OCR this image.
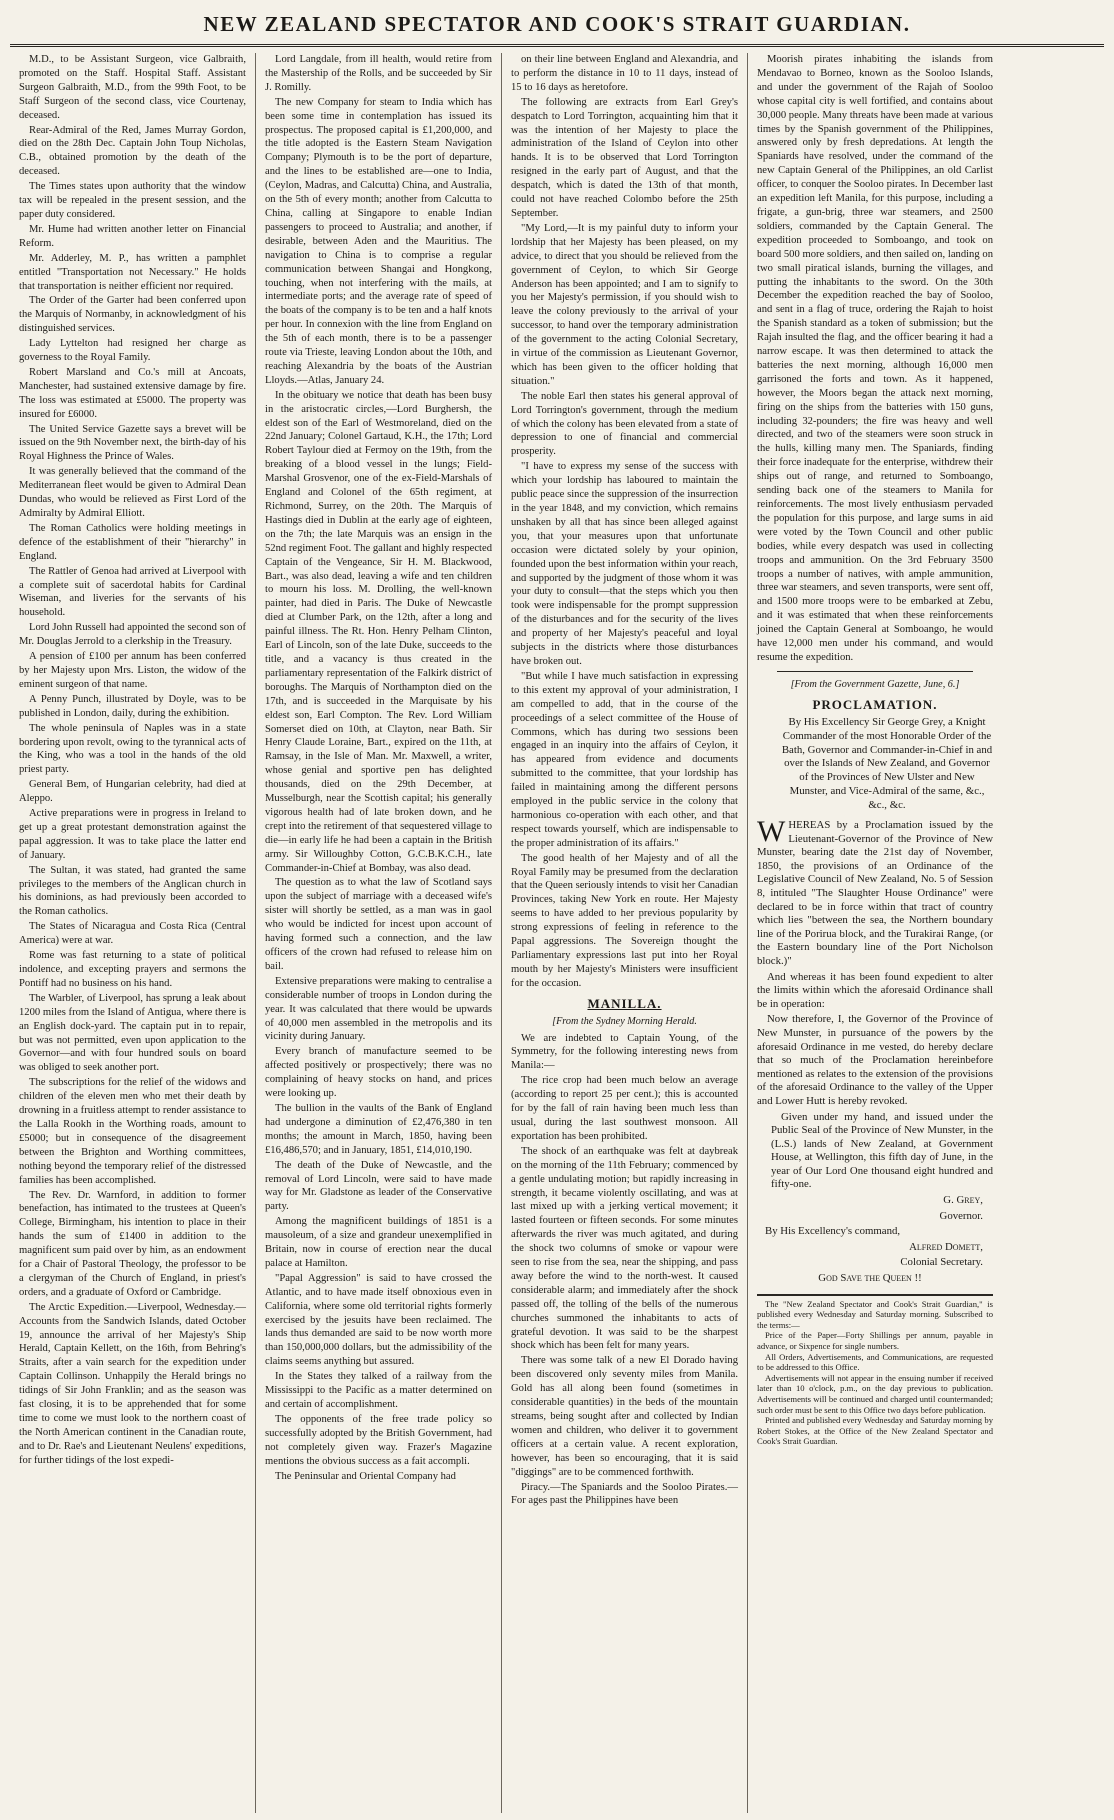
NEW ZEALAND SPECTATOR AND COOK'S STRAIT GUARDIAN.

M.D., to be Assistant Surgeon, vice Galbraith, promoted on the Staff. Hospital Staff. Assistant Surgeon Galbraith, M.D., from the 99th Foot, to be Staff Surgeon of the second class, vice Courtenay, deceased.

Rear-Admiral of the Red, James Murray Gordon, died on the 28th Dec. Captain John Toup Nicholas, C.B., obtained promotion by the death of the deceased.

The Times states upon authority that the window tax will be repealed in the present session, and the paper duty considered.

Mr. Hume had written another letter on Financial Reform.

Mr. Adderley, M. P., has written a pamphlet entitled "Transportation not Necessary." He holds that transportation is neither efficient nor required.

The Order of the Garter had been conferred upon the Marquis of Normanby, in acknowledgment of his distinguished services.

Lady Lyttelton had resigned her charge as governess to the Royal Family.

Robert Marsland and Co.'s mill at Ancoats, Manchester, had sustained extensive damage by fire. The loss was estimated at £5000. The property was insured for £6000.

The United Service Gazette says a brevet will be issued on the 9th November next, the birth-day of his Royal Highness the Prince of Wales.

It was generally believed that the command of the Mediterranean fleet would be given to Admiral Dean Dundas, who would be relieved as First Lord of the Admiralty by Admiral Elliott.

The Roman Catholics were holding meetings in defence of the establishment of their "hierarchy" in England.

The Rattler of Genoa had arrived at Liverpool with a complete suit of sacerdotal habits for Cardinal Wiseman, and liveries for the servants of his household.

Lord John Russell had appointed the second son of Mr. Douglas Jerrold to a clerkship in the Treasury.

A pension of £100 per annum has been conferred by her Majesty upon Mrs. Liston, the widow of the eminent surgeon of that name.

A Penny Punch, illustrated by Doyle, was to be published in London, daily, during the exhibition.

The whole peninsula of Naples was in a state bordering upon revolt, owing to the tyrannical acts of the King, who was a tool in the hands of the old priest party.

General Bem, of Hungarian celebrity, had died at Aleppo.

Active preparations were in progress in Ireland to get up a great protestant demonstration against the papal aggression. It was to take place the latter end of January.

The Sultan, it was stated, had granted the same privileges to the members of the Anglican church in his dominions, as had previously been accorded to the Roman catholics.

The States of Nicaragua and Costa Rica (Central America) were at war.

Rome was fast returning to a state of political indolence, and excepting prayers and sermons the Pontiff had no business on his hand.

The Warbler, of Liverpool, has sprung a leak about 1200 miles from the Island of Antigua, where there is an English dock-yard. The captain put in to repair, but was not permitted, even upon application to the Governor—and with four hundred souls on board was obliged to seek another port.

The subscriptions for the relief of the widows and children of the eleven men who met their death by drowning in a fruitless attempt to render assistance to the Lalla Rookh in the Worthing roads, amount to £5000; but in consequence of the disagreement between the Brighton and Worthing committees, nothing beyond the temporary relief of the distressed families has been accomplished.

The Rev. Dr. Warnford, in addition to former benefaction, has intimated to the trustees at Queen's College, Birmingham, his intention to place in their hands the sum of £1400 in addition to the magnificent sum paid over by him, as an endowment for a Chair of Pastoral Theology, the professor to be a clergyman of the Church of England, in priest's orders, and a graduate of Oxford or Cambridge.

The Arctic Expedition.—Liverpool, Wednesday.—Accounts from the Sandwich Islands, dated October 19, announce the arrival of her Majesty's Ship Herald, Captain Kellett, on the 16th, from Behring's Straits, after a vain search for the expedition under Captain Collinson. Unhappily the Herald brings no tidings of Sir John Franklin; and as the season was fast closing, it is to be apprehended that for some time to come we must look to the northern coast of the North American continent in the Canadian route, and to Dr. Rae's and Lieutenant Neulens' expeditions, for further tidings of the lost expedi-

Lord Langdale, from ill health, would retire from the Mastership of the Rolls, and be succeeded by Sir J. Romilly.

The new Company for steam to India which has been some time in contemplation has issued its prospectus. The proposed capital is £1,200,000, and the title adopted is the Eastern Steam Navigation Company; Plymouth is to be the port of departure, and the lines to be established are—one to India, (Ceylon, Madras, and Calcutta) China, and Australia, on the 5th of every month; another from Calcutta to China, calling at Singapore to enable Indian passengers to proceed to Australia; and another, if desirable, between Aden and the Mauritius. The navigation to China is to comprise a regular communication between Shangai and Hongkong, touching, when not interfering with the mails, at intermediate ports; and the average rate of speed of the boats of the company is to be ten and a half knots per hour. In connexion with the line from England on the 5th of each month, there is to be a passenger route via Trieste, leaving London about the 10th, and reaching Alexandria by the boats of the Austrian Lloyds.—Atlas, January 24.

In the obituary we notice that death has been busy in the aristocratic circles,—Lord Burghersh, the eldest son of the Earl of Westmoreland, died on the 22nd January; Colonel Gartaud, K.H., the 17th; Lord Robert Taylour died at Fermoy on the 19th, from the breaking of a blood vessel in the lungs; Field-Marshal Grosvenor, one of the ex-Field-Marshals of England and Colonel of the 65th regiment, at Richmond, Surrey, on the 20th. The Marquis of Hastings died in Dublin at the early age of eighteen, on the 7th; the late Marquis was an ensign in the 52nd regiment Foot. The gallant and highly respected Captain of the Vengeance, Sir H. M. Blackwood, Bart., was also dead, leaving a wife and ten children to mourn his loss. M. Drolling, the well-known painter, had died in Paris. The Duke of Newcastle died at Clumber Park, on the 12th, after a long and painful illness. The Rt. Hon. Henry Pelham Clinton, Earl of Lincoln, son of the late Duke, succeeds to the title, and a vacancy is thus created in the parliamentary representation of the Falkirk district of boroughs. The Marquis of Northampton died on the 17th, and is succeeded in the Marquisate by his eldest son, Earl Compton. The Rev. Lord William Somerset died on 10th, at Clayton, near Bath. Sir Henry Claude Loraine, Bart., expired on the 11th, at Ramsay, in the Isle of Man. Mr. Maxwell, a writer, whose genial and sportive pen has delighted thousands, died on the 29th December, at Musselburgh, near the Scottish capital; his generally vigorous health had of late broken down, and he crept into the retirement of that sequestered village to die—in early life he had been a captain in the British army. Sir Willoughby Cotton, G.C.B.K.C.H., late Commander-in-Chief at Bombay, was also dead.

The question as to what the law of Scotland says upon the subject of marriage with a deceased wife's sister will shortly be settled, as a man was in gaol who would be indicted for incest upon account of having formed such a connection, and the law officers of the crown had refused to release him on bail.

Extensive preparations were making to centralise a considerable number of troops in London during the year. It was calculated that there would be upwards of 40,000 men assembled in the metropolis and its vicinity during January.

Every branch of manufacture seemed to be affected positively or prospectively; there was no complaining of heavy stocks on hand, and prices were looking up.

The bullion in the vaults of the Bank of England had undergone a diminution of £2,476,380 in ten months; the amount in March, 1850, having been £16,486,570; and in January, 1851, £14,010,190.

The death of the Duke of Newcastle, and the removal of Lord Lincoln, were said to have made way for Mr. Gladstone as leader of the Conservative party.

Among the magnificent buildings of 1851 is a mausoleum, of a size and grandeur unexemplified in Britain, now in course of erection near the ducal palace at Hamilton.

"Papal Aggression" is said to have crossed the Atlantic, and to have made itself obnoxious even in California, where some old territorial rights formerly exercised by the jesuits have been reclaimed. The lands thus demanded are said to be now worth more than 150,000,000 dollars, but the admissibility of the claims seems anything but assured.

In the States they talked of a railway from the Mississippi to the Pacific as a matter determined on and certain of accomplishment.

The opponents of the free trade policy so successfully adopted by the British Government, had not completely given way. Frazer's Magazine mentions the obvious success as a fait accompli.

The Peninsular and Oriental Company had

on their line between England and Alexandria, and to perform the distance in 10 to 11 days, instead of 15 to 16 days as heretofore.

The following are extracts from Earl Grey's despatch to Lord Torrington, acquainting him that it was the intention of her Majesty to place the administration of the Island of Ceylon into other hands. It is to be observed that Lord Torrington resigned in the early part of August, and that the despatch, which is dated the 13th of that month, could not have reached Colombo before the 25th September.

"My Lord,—It is my painful duty to inform your lordship that her Majesty has been pleased, on my advice, to direct that you should be relieved from the government of Ceylon, to which Sir George Anderson has been appointed; and I am to signify to you her Majesty's permission, if you should wish to leave the colony previously to the arrival of your successor, to hand over the temporary administration of the government to the acting Colonial Secretary, in virtue of the commission as Lieutenant Governor, which has been given to the officer holding that situation."

The noble Earl then states his general approval of Lord Torrington's government, through the medium of which the colony has been elevated from a state of depression to one of financial and commercial prosperity.

"I have to express my sense of the success with which your lordship has laboured to maintain the public peace since the suppression of the insurrection in the year 1848, and my conviction, which remains unshaken by all that has since been alleged against you, that your measures upon that unfortunate occasion were dictated solely by your opinion, founded upon the best information within your reach, and supported by the judgment of those whom it was your duty to consult—that the steps which you then took were indispensable for the prompt suppression of the disturbances and for the security of the lives and property of her Majesty's peaceful and loyal subjects in the districts where those disturbances have broken out.

"But while I have much satisfaction in expressing to this extent my approval of your administration, I am compelled to add, that in the course of the proceedings of a select committee of the House of Commons, which has during two sessions been engaged in an inquiry into the affairs of Ceylon, it has appeared from evidence and documents submitted to the committee, that your lordship has failed in maintaining among the different persons employed in the public service in the colony that harmonious co-operation with each other, and that respect towards yourself, which are indispensable to the proper administration of its affairs."

The good health of her Majesty and of all the Royal Family may be presumed from the declaration that the Queen seriously intends to visit her Canadian Provinces, taking New York en route. Her Majesty seems to have added to her previous popularity by strong expressions of feeling in reference to the Papal aggressions. The Sovereign thought the Parliamentary expressions last put into her Royal mouth by her Majesty's Ministers were insufficient for the occasion.

MANILLA.
[From the Sydney Morning Herald.

We are indebted to Captain Young, of the Symmetry, for the following interesting news from Manila:—

The rice crop had been much below an average (according to report 25 per cent.); this is accounted for by the fall of rain having been much less than usual, during the last southwest monsoon. All exportation has been prohibited.

The shock of an earthquake was felt at daybreak on the morning of the 11th February; commenced by a gentle undulating motion; but rapidly increasing in strength, it became violently oscillating, and was at last mixed up with a jerking vertical movement; it lasted fourteen or fifteen seconds. For some minutes afterwards the river was much agitated, and during the shock two columns of smoke or vapour were seen to rise from the sea, near the shipping, and pass away before the wind to the north-west. It caused considerable alarm; and immediately after the shock passed off, the tolling of the bells of the numerous churches summoned the inhabitants to acts of grateful devotion. It was said to be the sharpest shock which has been felt for many years.

There was some talk of a new El Dorado having been discovered only seventy miles from Manila. Gold has all along been found (sometimes in considerable quantities) in the beds of the mountain streams, being sought after and collected by Indian women and children, who deliver it to government officers at a certain value. A recent exploration, however, has been so encouraging, that it is said "diggings" are to be commenced forthwith.

Piracy.—The Spaniards and the Sooloo Pirates.—For ages past the Philippines have been

Moorish pirates inhabiting the islands from Mendavao to Borneo, known as the Sooloo Islands, and under the government of the Rajah of Sooloo whose capital city is well fortified, and contains about 30,000 people. Many threats have been made at various times by the Spanish government of the Philippines, answered only by fresh depredations. At length the Spaniards have resolved, under the command of the new Captain General of the Philippines, an old Carlist officer, to conquer the Sooloo pirates. In December last an expedition left Manila, for this purpose, including a frigate, a gun-brig, three war steamers, and 2500 soldiers, commanded by the Captain General. The expedition proceeded to Somboango, and took on board 500 more soldiers, and then sailed on, landing on two small piratical islands, burning the villages, and putting the inhabitants to the sword. On the 30th December the expedition reached the bay of Sooloo, and sent in a flag of truce, ordering the Rajah to hoist the Spanish standard as a token of submission; but the Rajah insulted the flag, and the officer bearing it had a narrow escape. It was then determined to attack the batteries the next morning, although 16,000 men garrisoned the forts and town. As it happened, however, the Moors began the attack next morning, firing on the ships from the batteries with 150 guns, including 32-pounders; the fire was heavy and well directed, and two of the steamers were soon struck in the hulls, killing many men. The Spaniards, finding their force inadequate for the enterprise, withdrew their ships out of range, and returned to Somboango, sending back one of the steamers to Manila for reinforcements. The most lively enthusiasm pervaded the population for this purpose, and large sums in aid were voted by the Town Council and other public bodies, while every despatch was used in collecting troops and ammunition. On the 3rd February 3500 troops a number of natives, with ample ammunition, three war steamers, and seven transports, were sent off, and 1500 more troops were to be embarked at Zebu, and it was estimated that when these reinforcements joined the Captain General at Somboango, he would have 12,000 men under his command, and would resume the expedition.

[From the Government Gazette, June, 6.]
PROCLAMATION.
By His Excellency Sir George Grey, a Knight Commander of the most Honorable Order of the Bath, Governor and Commander-in-Chief in and over the Islands of New Zealand, and Governor of the Provinces of New Ulster and New Munster, and Vice-Admiral of the same, &c., &c., &c.

WHEREAS by a Proclamation issued by the Lieutenant-Governor of the Province of New Munster, bearing date the 21st day of November, 1850, the provisions of an Ordinance of the Legislative Council of New Zealand, No. 5 of Session 8, intituled "The Slaughter House Ordinance" were declared to be in force within that tract of country which lies "between the sea, the Northern boundary line of the Porirua block, and the Turakirai Range, (or the Eastern boundary line of the Port Nicholson block.)"

And whereas it has been found expedient to alter the limits within which the aforesaid Ordinance shall be in operation:

Now therefore, I, the Governor of the Province of New Munster, in pursuance of the powers by the aforesaid Ordinance in me vested, do hereby declare that so much of the Proclamation hereinbefore mentioned as relates to the extension of the provisions of the aforesaid Ordinance to the valley of the Upper and Lower Hutt is hereby revoked.

Given under my hand, and issued under the Public Seal of the Province of New Munster, in the (L.S.) lands of New Zealand, at Government House, at Wellington, this fifth day of June, in the year of Our Lord One thousand eight hundred and fifty-one.

G. Grey,
Governor.
By His Excellency's command,
Alfred Domett,
Colonial Secretary.
God Save the Queen !!

The "New Zealand Spectator and Cook's Strait Guardian," is published every Wednesday and Saturday morning. Subscribed to the terms:—

Price of the Paper—Forty Shillings per annum, payable in advance, or Sixpence for single numbers.

All Orders, Advertisements, and Communications, are requested to be addressed to this Office.

Advertisements will not appear in the ensuing number if received later than 10 o'clock, p.m., on the day previous to publication. Advertisements will be continued and charged until countermanded; such order must be sent to this Office two days before publication.

Printed and published every Wednesday and Saturday morning by Robert Stokes, at the Office of the New Zealand Spectator and Cook's Strait Guardian.
